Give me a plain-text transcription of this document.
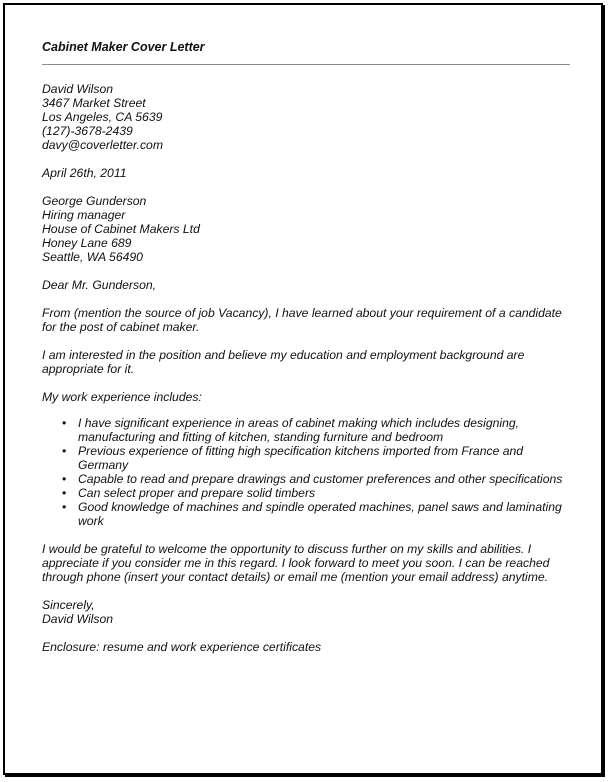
Cabinet Maker Cover Letter
David Wilson
3467 Market Street
Los Angeles, CA 5639
(127)-3678-2439
davy@coverletter.com
April 26th, 2011
George Gunderson
Hiring manager
House of Cabinet Makers Ltd
Honey Lane 689
Seattle, WA 56490
Dear Mr. Gunderson,

From (mention the source of job Vacancy), I have learned about your requirement of a candidate for the post of cabinet maker.

I am interested in the position and believe my education and employment background are appropriate for it.

My work experience includes:

• I have significant experience in areas of cabinet making which includes designing, manufacturing and fitting of kitchen, standing furniture and bedroom
• Previous experience of fitting high specification kitchens imported from France and Germany
• Capable to read and prepare drawings and customer preferences and other specifications
• Can select proper and prepare solid timbers
• Good knowledge of machines and spindle operated machines, panel saws and laminating work

I would be grateful to welcome the opportunity to discuss further on my skills and abilities. I appreciate if you consider me in this regard. I look forward to meet you soon. I can be reached through phone (insert your contact details) or email me (mention your email address) anytime.

Sincerely,
David Wilson
Enclosure: resume and work experience certificates
